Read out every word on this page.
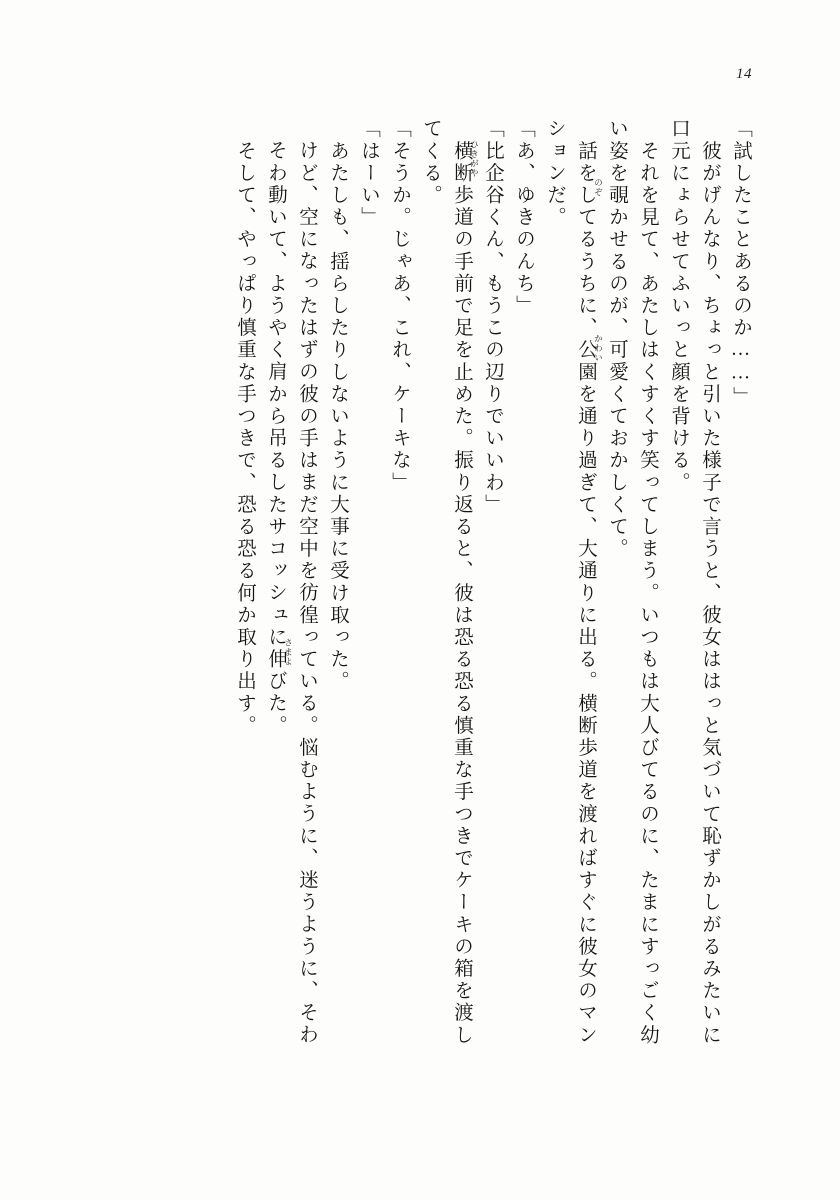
14
「試したことあるのか……」
　彼がげんなり、ちょっと引いた様子で言うと、彼女ははっと気づいて恥ずかしがるみたいに
口元にょらせてふいっと顔を背ける。
　それを見て、あたしはくすくす笑ってしまう。いつもは大人びてるのに、たまにすっごく幼
い姿を覗かせるのが、可愛くておかしくて。
のぞ
かわい
　話をしてるうちに、公園を通り過ぎて、大通りに出る。横断歩道を渡ればすぐに彼女のマン
ションだ。
「あ、ゆきのんち」
「比企谷くん、もうこの辺りでいいわ」
ひきがや
　横断歩道の手前で足を止めた。振り返ると、彼は恐る恐る慎重な手つきでケーキの箱を渡し
てくる。
「そうか。じゃあ、これ、ケーキな」
「はーい」
　あたしも、揺らしたりしないように大事に受け取った。
けど、空になったはずの彼の手はまだ空中を彷徨っている。悩むように、迷うように、そわ
さまよ
そわ動いて、ようやく肩から吊るしたサコッシュに伸びた。
　そして、やっぱり慎重な手つきで、恐る恐る何か取り出す。
